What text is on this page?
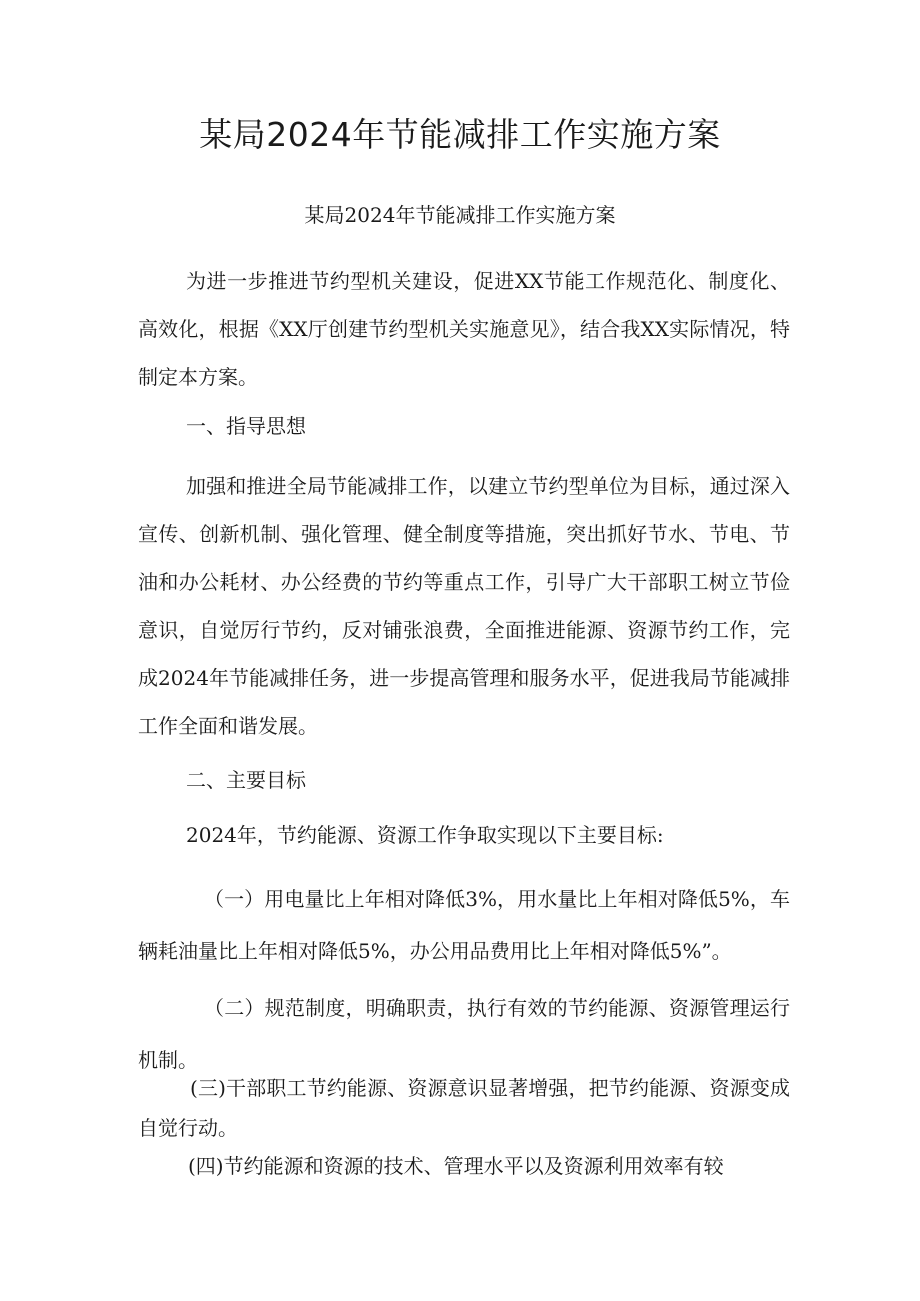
某局2024年节能减排工作实施方案

某局2024年节能减排工作实施方案

为进一步推进节约型机关建设，促进XX节能工作规范化、制度化、高效化，根据《XX厅创建节约型机关实施意见》，结合我XX实际情况，特制定本方案。

一、指导思想

加强和推进全局节能减排工作，以建立节约型单位为目标，通过深入宣传、创新机制、强化管理、健全制度等措施，突出抓好节水、节电、节油和办公耗材、办公经费的节约等重点工作，引导广大干部职工树立节俭意识，自觉厉行节约，反对铺张浪费，全面推进能源、资源节约工作，完成2024年节能减排任务，进一步提高管理和服务水平，促进我局节能减排工作全面和谐发展。

二、主要目标

2024年，节约能源、资源工作争取实现以下主要目标:

（一）用电量比上年相对降低3%，用水量比上年相对降低5%，车辆耗油量比上年相对降低5%，办公用品费用比上年相对降低5%”。

（二）规范制度，明确职责，执行有效的节约能源、资源管理运行机制。

(三)干部职工节约能源、资源意识显著增强，把节约能源、资源变成自觉行动。

(四)节约能源和资源的技术、管理水平以及资源利用效率有较
